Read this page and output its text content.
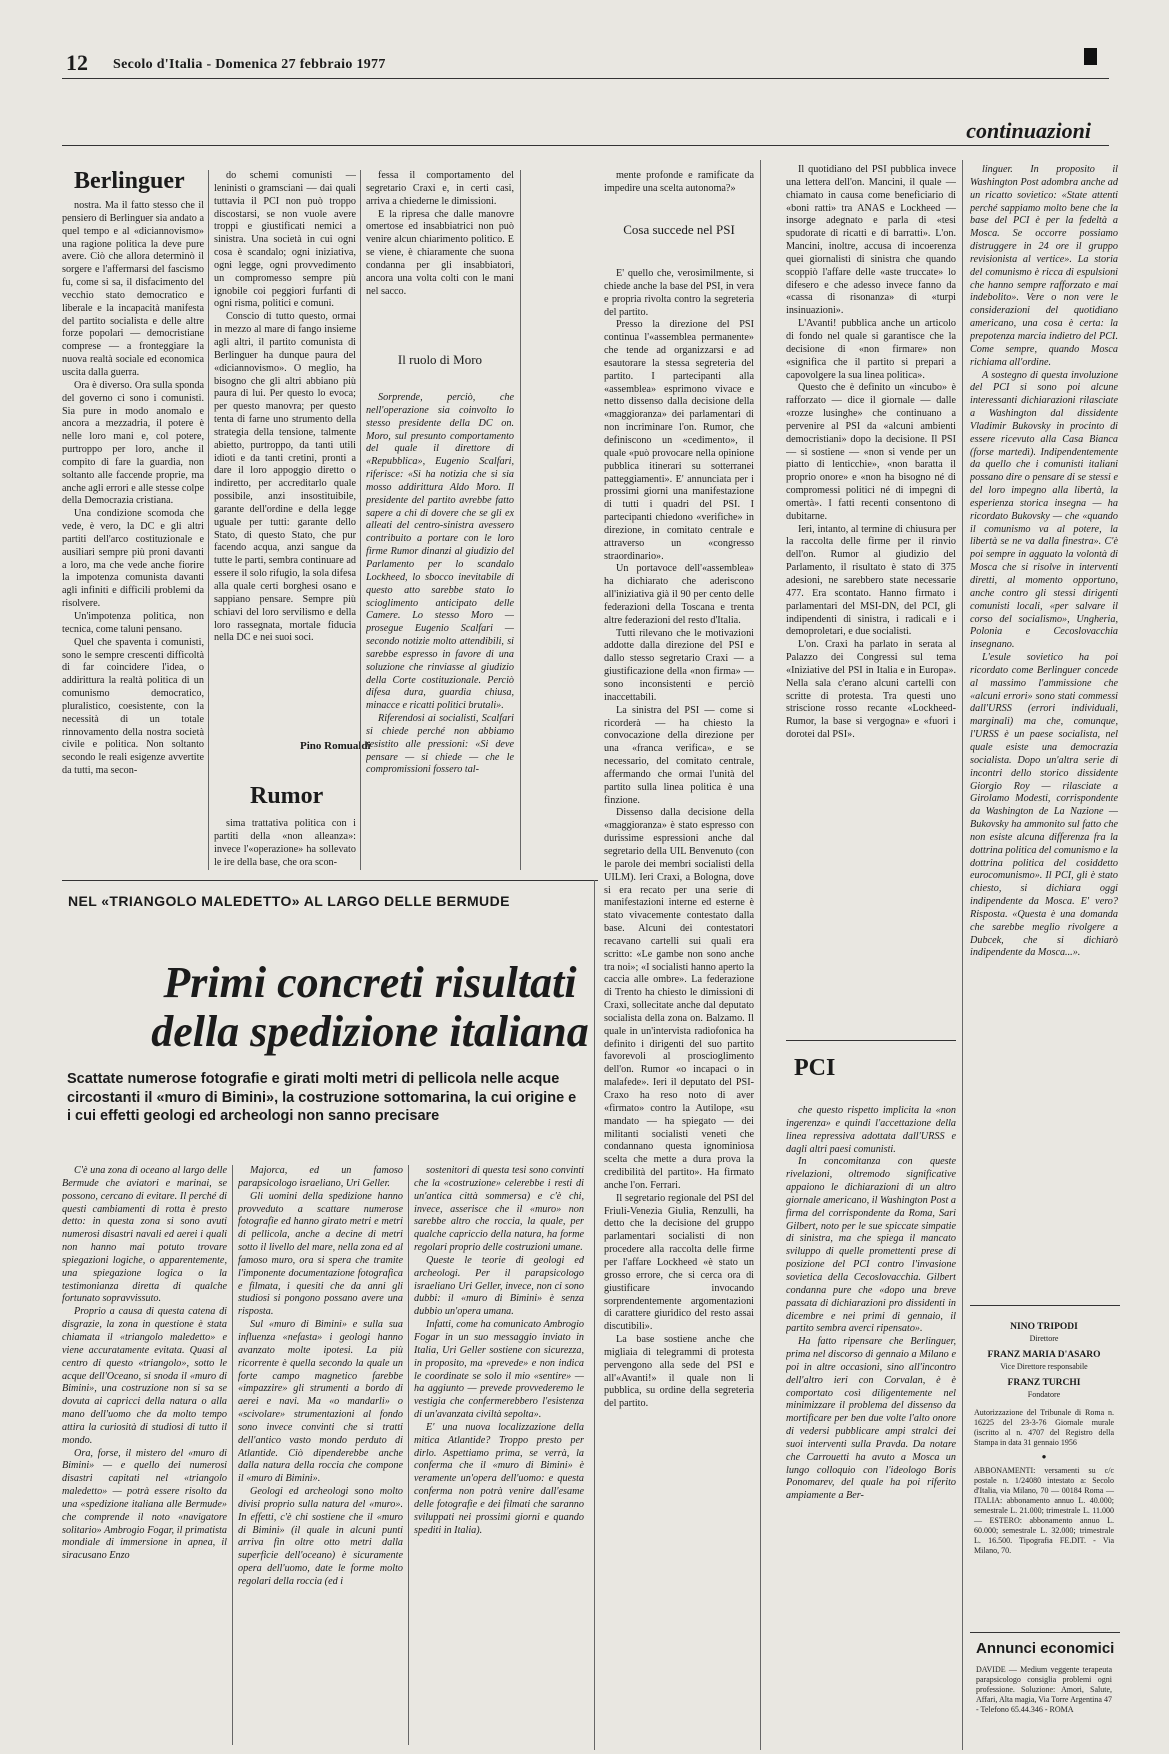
12 Secolo d'Italia - Domenica 27 febbraio 1977
continuazioni
Berlinguer

nostra. Ma il fatto stesso che il pensiero di Berlinguer sia andato a quel tempo e al «diciannovismo» una ragione politica la deve pure avere. Ciò che allora determinò il sorgere e l'affermarsi del fascismo fu, come si sa, il disfacimento del vecchio stato democratico e liberale e la incapacità manifesta del partito socialista e delle altre forze popolari — democristiane comprese — a fronteggiare la nuova realtà sociale ed economica uscita dalla guerra.

Ora è diverso. Ora sulla sponda del governo ci sono i comunisti. Sia pure in modo anomalo e ancora a mezzadria, il potere è nelle loro mani e, col potere, purtroppo per loro, anche il compito di fare la guardia, non soltanto alle faccende proprie, ma anche agli errori e alle stesse colpe della Democrazia cristiana.

Una condizione scomoda che vede, è vero, la DC e gli altri partiti dell'arco costituzionale e ausiliari sempre più proni davanti a loro, ma che vede anche fiorire la impotenza comunista davanti agli infiniti e difficili problemi da risolvere.

Un'impotenza politica, non tecnica, come taluni pensano.

Quel che spaventa i comunisti, sono le sempre crescenti difficoltà di far coincidere l'idea, o addirittura la realtà politica di un comunismo democratico, pluralistico, coesistente, con la necessità di un totale rinnovamento della nostra società civile e politica. Non soltanto secondo le reali esigenze avvertite da tutti, ma secon-

do schemi comunisti — leninisti o gramsciani — dai quali tuttavia il PCI non può troppo discostarsi, se non vuole avere troppi e giustificati nemici a sinistra. Una società in cui ogni cosa è scandalo; ogni iniziativa, ogni legge, ogni provvedimento un compromesso sempre più ignobile coi peggiori furfanti di ogni risma, politici e comuni.

Conscio di tutto questo, ormai in mezzo al mare di fango insieme agli altri, il partito comunista di Berlinguer ha dunque paura del «diciannovismo». O meglio, ha bisogno che gli altri abbiano più paura di lui. Per questo lo evoca; per questo manovra; per questo tenta di farne uno strumento della strategia della tensione, talmente abietto, purtroppo, da tanti utili idioti e da tanti cretini, pronti a dare il loro appoggio diretto o indiretto, per accreditarlo quale possibile, anzi insostituibile, garante dell'ordine e della legge uguale per tutti: garante dello Stato, di questo Stato, che pur facendo acqua, anzi sangue da tutte le parti, sembra continuare ad essere il solo rifugio, la sola difesa alla quale certi borghesi osano e sappiano pensare. Sempre più schiavi del loro servilismo e della loro rassegnata, mortale fiducia nella DC e nei suoi soci.

Pino Romualdi
Rumor

sima trattativa politica con i partiti della «non alleanza»: invece l'«operazione» ha sollevato le ire della base, che ora scon-

fessa il comportamento del segretario Craxi e, in certi casi, arriva a chiederne le dimissioni.

E la ripresa che dalle manovre omertose ed insabbiatrici non può venire alcun chiarimento politico. E se viene, è chiaramente che suona condanna per gli insabbiatori, ancora una volta colti con le mani nel sacco.

Il ruolo di Moro

Sorprende, perciò, che nell'operazione sia coinvolto lo stesso presidente della DC on. Moro, sul presunto comportamento del quale il direttore di «Repubblica», Eugenio Scalfari, riferisce: «Si ha notizia che si sia mosso addirittura Aldo Moro. Il presidente del partito avrebbe fatto sapere a chi di dovere che se gli ex alleati del centro-sinistra avessero contribuito a portare con le loro firme Rumor dinanzi al giudizio del Parlamento per lo scandalo Lockheed, lo sbocco inevitabile di questo atto sarebbe stato lo scioglimento anticipato delle Camere. Lo stesso Moro — prosegue Eugenio Scalfari — secondo notizie molto attendibili, si sarebbe espresso in favore di una soluzione che rinviasse al giudizio della Corte costituzionale. Perciò difesa dura, guardia chiusa, minacce e ricatti politici brutali».

Riferendosi ai socialisti, Scalfari si chiede perché non abbiamo resistito alle pressioni: «Si deve pensare — si chiede — che le compromissioni fossero tal-

mente profonde e ramificate da impedire una scelta autonoma?»

Cosa succede nel PSI

E' quello che, verosimilmente, si chiede anche la base del PSI, in vera e propria rivolta contro la segreteria del partito.

Presso la direzione del PSI continua l'«assemblea permanente» che tende ad organizzarsi e ad esautorare la stessa segreteria del partito. I partecipanti alla «assemblea» esprimono vivace e netto dissenso dalla decisione della «maggioranza» dei parlamentari di non incriminare l'on. Rumor, che definiscono un «cedimento», il quale «può provocare nella opinione pubblica itinerari su sotterranei patteggiamenti». E' annunciata per i prossimi giorni una manifestazione di tutti i quadri del PSI. I partecipanti chiedono «verifiche» in direzione, in comitato centrale e attraverso un «congresso straordinario».

Un portavoce dell'«assemblea» ha dichiarato che aderiscono all'iniziativa già il 90 per cento delle federazioni della Toscana e trenta altre federazioni del resto d'Italia.

Tutti rilevano che le motivazioni addotte dalla direzione del PSI e dallo stesso segretario Craxi — a giustificazione della «non firma» — sono inconsistenti e perciò inaccettabili.

La sinistra del PSI — come si ricorderà — ha chiesto la convocazione della direzione per una «franca verifica», e se necessario, del comitato centrale, affermando che ormai l'unità del partito sulla linea politica è una finzione.

Dissenso dalla decisione della «maggioranza» è stato espresso con durissime espressioni anche dal segretario della UIL Benvenuto (con le parole dei membri socialisti della UILM). Ieri Craxi, a Bologna, dove si era recato per una serie di manifestazioni interne ed esterne è stato vivacemente contestato dalla base. Alcuni dei contestatori recavano cartelli sui quali era scritto: «Le gambe non sono anche tra noi»; «I socialisti hanno aperto la caccia alle ombre». La federazione di Trento ha chiesto le dimissioni di Craxi, sollecitate anche dal deputato socialista della zona on. Balzamo. Il quale in un'intervista radiofonica ha definito i dirigenti del suo partito favorevoli al proscioglimento dell'on. Rumor «o incapaci o in malafede». Ieri il deputato del PSI-Craxo ha reso noto di aver «firmato» contro la Autilope, «su mandato — ha spiegato — dei militanti socialisti veneti che condannano questa ignominiosa scelta che mette a dura prova la credibilità del partito». Ha firmato anche l'on. Ferrari.

Il segretario regionale del PSI del Friuli-Venezia Giulia, Renzulli, ha detto che la decisione del gruppo parlamentari socialisti di non procedere alla raccolta delle firme per l'affare Lockheed «è stato un grosso errore, che si cerca ora di giustificare invocando sorprendentemente argomentazioni di carattere giuridico del resto assai discutibili».

La base sostiene anche che migliaia di telegrammi di protesta pervengono alla sede del PSI e all'«Avanti!» il quale non li pubblica, su ordine della segreteria del partito.

Il quotidiano del PSI pubblica invece una lettera dell'on. Mancini, il quale — chiamato in causa come beneficiario di «boni ratti» tra ANAS e Lockheed — insorge adegnato e parla di «tesi spudorate di ricatti e di barratti». L'on. Mancini, inoltre, accusa di incoerenza quei giornalisti di sinistra che quando scoppiò l'affare delle «aste truccate» lo difesero e che adesso invece fanno da «cassa di risonanza» di «turpi insinuazioni».

L'Avanti! pubblica anche un articolo di fondo nel quale si garantisce che la decisione di «non firmare» non «significa che il partito si prepari a capovolgere la sua linea politica».

Questo che è definito un «incubo» è rafforzato — dice il giornale — dalle «rozze lusinghe» che continuano a pervenire al PSI da «alcuni ambienti democristiani» dopo la decisione. Il PSI — si sostiene — «non si vende per un piatto di lenticchie», «non baratta il proprio onore» e «non ha bisogno né di compromessi politici né di impegni di omertà». I fatti recenti consentono di dubitarne.

Ieri, intanto, al termine di chiusura per la raccolta delle firme per il rinvio dell'on. Rumor al giudizio del Parlamento, il risultato è stato di 375 adesioni, ne sarebbero state necessarie 477. Era scontato. Hanno firmato i parlamentari del MSI-DN, del PCI, gli indipendenti di sinistra, i radicali e i demoproletari, e due socialisti.

L'on. Craxi ha parlato in serata al Palazzo dei Congressi sul tema «Iniziative del PSI in Italia e in Europa». Nella sala c'erano alcuni cartelli con scritte di protesta. Tra questi uno striscione rosso recante «Lockheed-Rumor, la base si vergogna» e «fuori i dorotei dal PSI».

linguer. In proposito il Washington Post adombra anche ad un ricatto sovietico: «State attenti perché sappiamo molto bene che la base del PCI è per la fedeltà a Mosca. Se occorre possiamo distruggere in 24 ore il gruppo revisionista al vertice». La storia del comunismo è ricca di espulsioni che hanno sempre rafforzato e mai indebolito». Vere o non vere le considerazioni del quotidiano americano, una cosa è certa: la prepotenza marcia indietro del PCI. Come sempre, quando Mosca richiama all'ordine.

A sostegno di questa involuzione del PCI si sono poi alcune interessanti dichiarazioni rilasciate a Washington dal dissidente Vladimir Bukovsky in procinto di essere ricevuto alla Casa Bianca (forse martedì). Indipendentemente da quello che i comunisti italiani possano dire o pensare di se stessi e del loro impegno alla libertà, la esperienza storica insegna — ha ricordato Bukovsky — che «quando il comunismo va al potere, la libertà se ne va dalla finestra». C'è poi sempre in agguato la volontà di Mosca che si risolve in interventi diretti, al momento opportuno, anche contro gli stessi dirigenti comunisti locali, «per salvare il corso del socialismo», Ungheria, Polonia e Cecoslovacchia insegnano.

L'esule sovietico ha poi ricordato come Berlinguer concede al massimo l'ammissione che «alcuni errori» sono stati commessi dall'URSS (errori individuali, marginali) ma che, comunque, l'URSS è un paese socialista, nel quale esiste una democrazia socialista. Dopo un'altra serie di incontri dello storico dissidente Giorgio Roy — rilasciate a Girolamo Modesti, corrispondente da Washington de La Nazione — Bukovsky ha ammonito sul fatto che non esiste alcuna differenza fra la dottrina politica del comunismo e la dottrina politica del cosiddetto eurocomunismo». Il PCI, gli è stato chiesto, si dichiara oggi indipendente da Mosca. E' vero? Risposta. «Questa è una domanda che sarebbe meglio rivolgere a Dubcek, che si dichiarò indipendente da Mosca...».

NEL «TRIANGOLO MALEDETTO» AL LARGO DELLE BERMUDE
Primi concreti risultati
della spedizione italiana
Scattate numerose fotografie e girati molti metri di pellicola nelle acque circostanti il «muro di Bimini», la costruzione sottomarina, la cui origine e i cui effetti geologi ed archeologi non sanno precisare

C'è una zona di oceano al largo delle Bermude che aviatori e marinai, se possono, cercano di evitare. Il perché di questi cambiamenti di rotta è presto detto: in questa zona si sono avuti numerosi disastri navali ed aerei i quali non hanno mai potuto trovare spiegazioni logiche, o apparentemente, una spiegazione logica o la testimonianza diretta di qualche fortunato sopravvissuto.

Proprio a causa di questa catena di disgrazie, la zona in questione è stata chiamata il «triangolo maledetto» e viene accuratamente evitata. Quasi al centro di questo «triangolo», sotto le acque dell'Oceano, si snoda il «muro di Bimini», una costruzione non si sa se dovuta ai capricci della natura o alla mano dell'uomo che da molto tempo attira la curiosità di studiosi di tutto il mondo.

Ora, forse, il mistero del «muro di Bimini» — e quello dei numerosi disastri capitati nel «triangolo maledetto» — potrà essere risolto da una «spedizione italiana alle Bermude» che comprende il noto «navigatore solitario» Ambrogio Fogar, il primatista mondiale di immersione in apnea, il siracusano Enzo

Majorca, ed un famoso parapsicologo israeliano, Uri Geller.

Gli uomini della spedizione hanno provveduto a scattare numerose fotografie ed hanno girato metri e metri di pellicola, anche a decine di metri sotto il livello del mare, nella zona ed al famoso muro, ora si spera che tramite l'imponente documentazione fotografica e filmata, i quesiti che da anni gli studiosi si pongono possano avere una risposta.

Sul «muro di Bimini» e sulla sua influenza «nefasta» i geologi hanno avanzato molte ipotesi. La più ricorrente è quella secondo la quale un forte campo magnetico farebbe «impazzire» gli strumenti a bordo di aerei e navi. Ma «o mandarli» o «scivolare» strumentazioni al fondo sono invece convinti che si tratti dell'antico vasto mondo perduto di Atlantide. Ciò dipenderebbe anche dalla natura della roccia che compone il «muro di Bimini».

Geologi ed archeologi sono molto divisi proprio sulla natura del «muro». In effetti, c'è chi sostiene che il «muro di Bimini» (il quale in alcuni punti arriva fin oltre otto metri dalla superficie dell'oceano) è sicuramente opera dell'uomo, date le forme molto regolari della roccia (ed i

sostenitori di questa tesi sono convinti che la «costruzione» celerebbe i resti di un'antica città sommersa) e c'è chi, invece, asserisce che il «muro» non sarebbe altro che roccia, la quale, per qualche capriccio della natura, ha forme regolari proprio delle costruzioni umane.

Queste le teorie di geologi ed archeologi. Per il parapsicologo israeliano Uri Geller, invece, non ci sono dubbi: il «muro di Bimini» è senza dubbio un'opera umana.

Infatti, come ha comunicato Ambrogio Fogar in un suo messaggio inviato in Italia, Uri Geller sostiene con sicurezza, in proposito, ma «prevede» e non indica le coordinate se solo il mio «sentire» — ha aggiunto — prevede provvederemo le vestigia che confermerebbero l'esistenza di un'avanzata civiltà sepolta».

E' una nuova localizzazione della mitica Atlantide? Troppo presto per dirlo. Aspettiamo prima, se verrà, la conferma che il «muro di Bimini» è veramente un'opera dell'uomo: e questa conferma non potrà venire dall'esame delle fotografie e dei filmati che saranno sviluppati nei prossimi giorni e quando spediti in Italia).

PCI

che questo rispetto implicita la «non ingerenza» e quindi l'accettazione della linea repressiva adottata dall'URSS e dagli altri paesi comunisti.

In concomitanza con queste rivelazioni, oltremodo significative appaiono le dichiarazioni di un altro giornale americano, il Washington Post a firma del corrispondente da Roma, Sari Gilbert, noto per le sue spiccate simpatie di sinistra, ma che spiega il mancato sviluppo di quelle promettenti prese di posizione del PCI contro l'invasione sovietica della Cecoslovacchia. Gilbert condanna pure che «dopo una breve passata di dichiarazioni pro dissidenti in dicembre e nei primi di gennaio, il partito sembra averci ripensato».

Ha fatto ripensare che Berlinguer, prima nel discorso di gennaio a Milano e poi in altre occasioni, sino all'incontro dell'altro ieri con Corvalan, è è comportato così diligentemente nel minimizzare il problema del dissenso da mortificare per ben due volte l'alto onore di vedersi pubblicare ampi stralci dei suoi interventi sulla Pravda. Da notare che Carrouetti ha avuto a Mosca un lungo colloquio con l'ideologo Boris Ponomarev, del quale ha poi riferito ampiamente a Ber-

NINO TRIPODI
Direttore
FRANZ MARIA D'ASARO
Vice Direttore responsabile
FRANZ TURCHI
Fondatore
Autorizzazione del Tribunale di Roma n. 16225 del 23-3-76 Giornale murale (iscritto al n. 4707 del Registro della Stampa in data 31 gennaio 1956
●
ABBONAMENTI: versamenti su c/c postale n. 1/24080 intestato a: Secolo d'Italia, via Milano, 70 — 00184 Roma — ITALIA: abbonamento annuo L. 40.000; semestrale L. 21.000; trimestrale L. 11.000 — ESTERO: abbonamento annuo L. 60.000; semestrale L. 32.000; trimestrale L. 16.500. Tipografia FE.DIT. - Via Milano, 70.
Annunci economici
DAVIDE — Medium veggente terapeuta parapsicologo consiglia problemi ogni professione. Soluzione: Amori, Salute, Affari, Alta magia, Via Torre Argentina 47 - Telefono 65.44.346 - ROMA
